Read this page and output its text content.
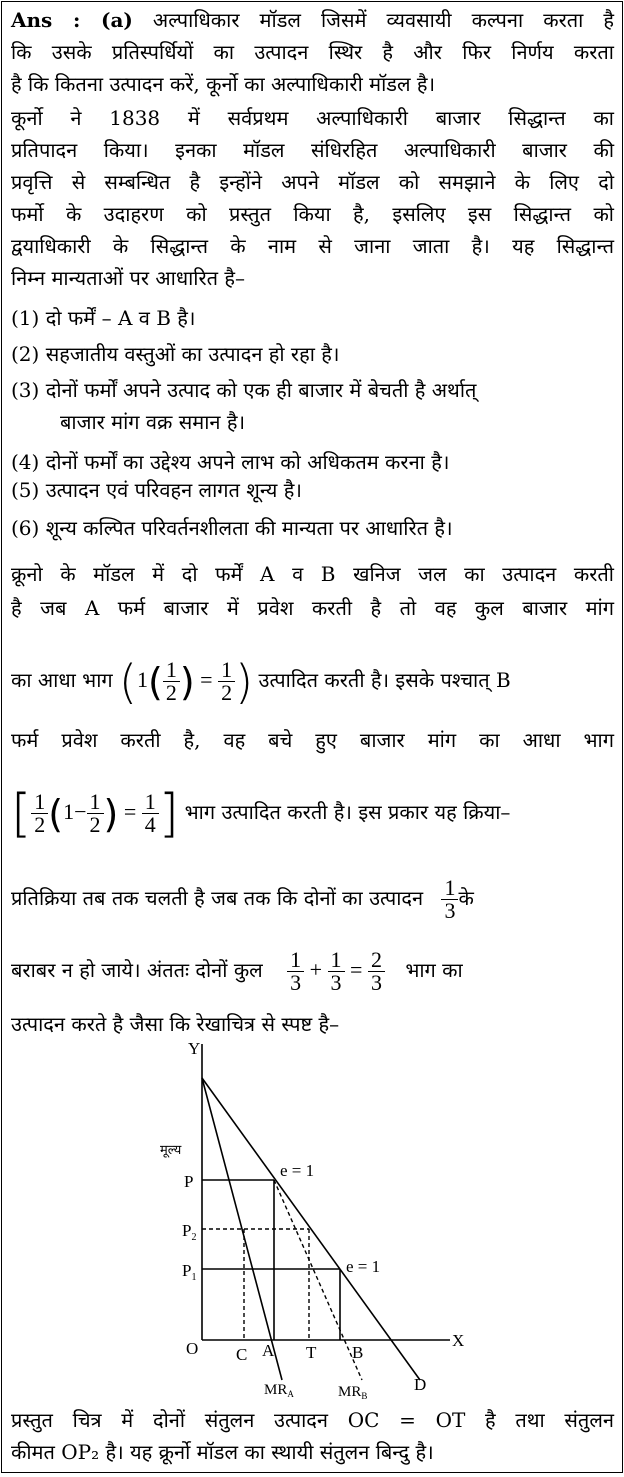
Ans : (a) अल्पाधिकार मॉडल जिसमें व्यवसायी कल्पना करता है
कि उसके प्रतिस्पर्धियों का उत्पादन स्थिर है और फिर निर्णय करता
है कि कितना उत्पादन करें, कूर्नो का अल्पाधिकारी मॉडल है।
कूर्नो ने 1838 में सर्वप्रथम अल्पाधिकारी बाजार सिद्धान्त का
प्रतिपादन किया। इनका मॉडल संधिरहित अल्पाधिकारी बाजार की
प्रवृत्ति से सम्बन्धित है इन्होंने अपने मॉडल को समझाने के लिए दो
फर्मो के उदाहरण को प्रस्तुत किया है, इसलिए इस सिद्धान्त को
द्वयाधिकारी के सिद्धान्त के नाम से जाना जाता है। यह सिद्धान्त
निम्न मान्यताओं पर आधारित है–
(1) दो फर्में – A व B है।
(2) सहजातीय वस्तुओं का उत्पादन हो रहा है।
(3) दोनों फर्मों अपने उत्पाद को एक ही बाजार में बेचती है अर्थात्
बाजार मांग वक्र समान है।
(4) दोनों फर्मों का उद्देश्य अपने लाभ को अधिकतम करना है।
(5) उत्पादन एवं परिवहन लागत शून्य है।
(6) शून्य कल्पित परिवर्तनशीलता की मान्यता पर आधारित है।
क्रूनो के मॉडल में दो फर्में A व B खनिज जल का उत्पादन करती
है जब A फर्म बाजार में प्रवेश करती है तो वह कुल बाजार मांग
का आधा भाग ($1( \frac{1}{2}$ ) = $\frac{1}{2}$ ) उत्पादित करती है। इसके पश्चात् B
फर्म प्रवेश करती है, वह बचे हुए बाजार मांग का आधा भाग
[ $\frac{1}{2} (1- \frac{1}{2}$ ) = $\frac{1}{4}$ ] भाग उत्पादित करती है। इस प्रकार यह क्रिया–
प्रतिक्रिया तब तक चलती है जब तक कि दोनों का उत्पादन $\frac{1}{3}$ के
बराबर न हो जाये। अंततः दोनों कुल $\frac{1}{3} + \frac{1}{3} = \frac{2}{3}$ भाग का
उत्पादन करते है जैसा कि रेखाचित्र से स्पष्ट है–
Y
X
O
मूल्य
P
$P_2$
$P_1$
e = 1
e = 1
C A T B
D
$MR_A$	$MR_B$
प्रस्तुत चित्र में दोनों संतुलन उत्पादन OC = OT है तथा संतुलन
कीमत OP₂ है। यह क्रूर्नो मॉडल का स्थायी संतुलन बिन्दु है।
